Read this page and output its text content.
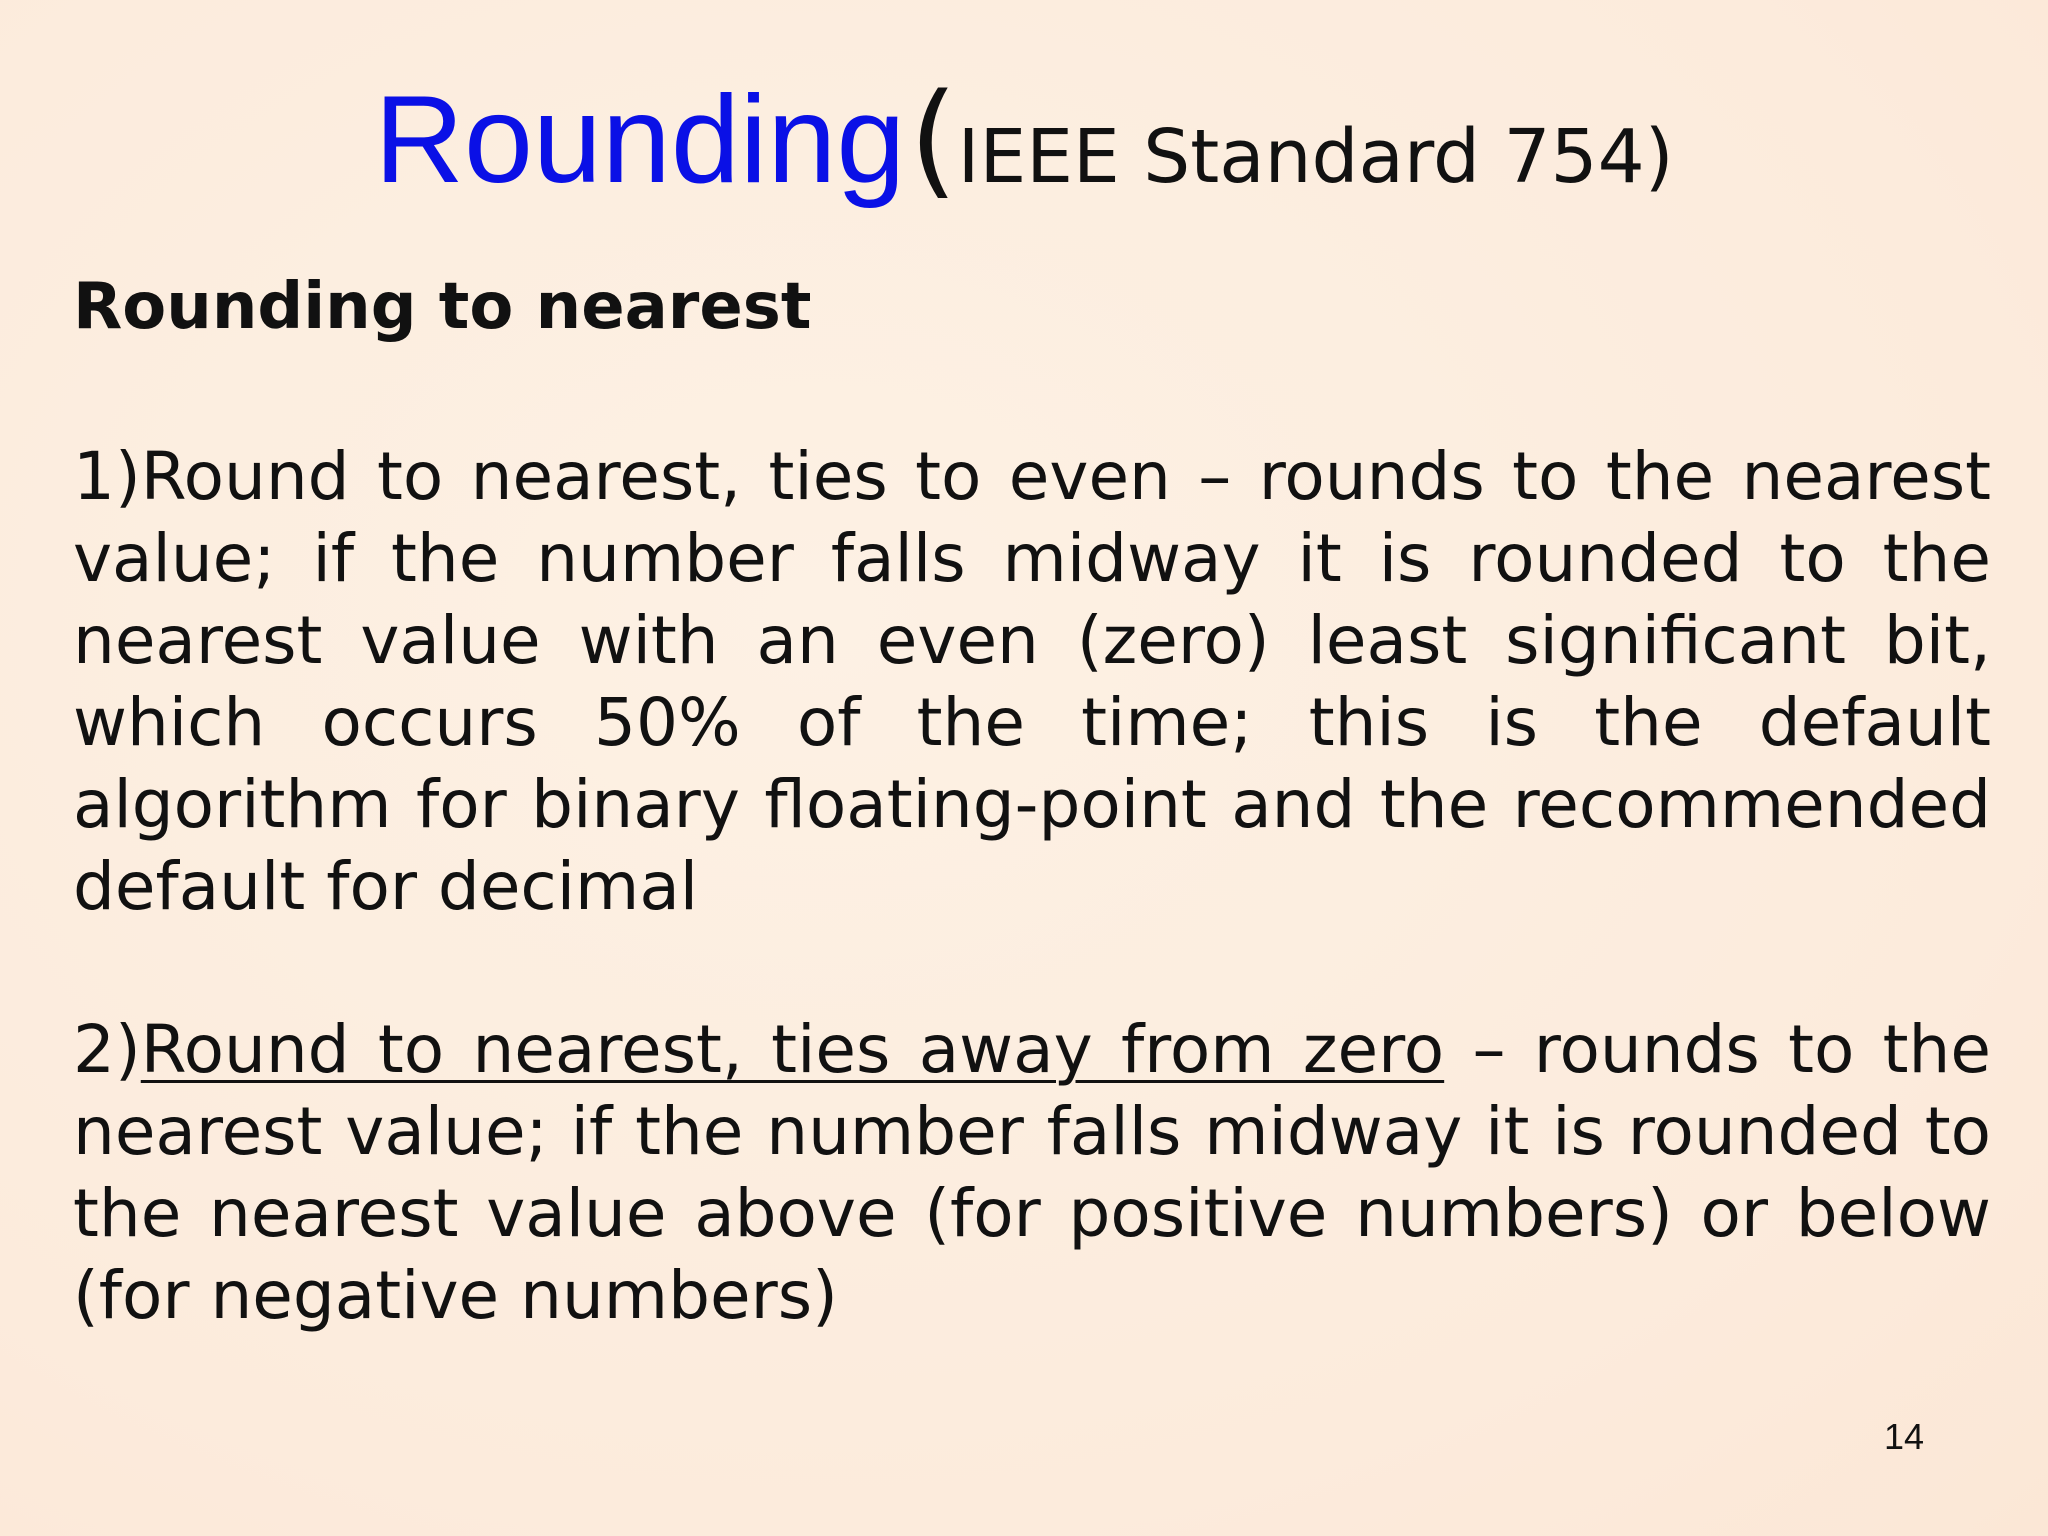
Rounding (IEEE Standard 754)
Rounding to nearest
1)Round to nearest, ties to even – rounds to the nearest value; if the number falls midway it is rounded to the nearest value with an even (zero) least significant bit, which occurs 50% of the time; this is the default algorithm for binary floating-point and the recommended default for decimal
2)Round to nearest, ties away from zero – rounds to the nearest value; if the number falls midway it is rounded to the nearest value above (for positive numbers) or below (for negative numbers)
14
